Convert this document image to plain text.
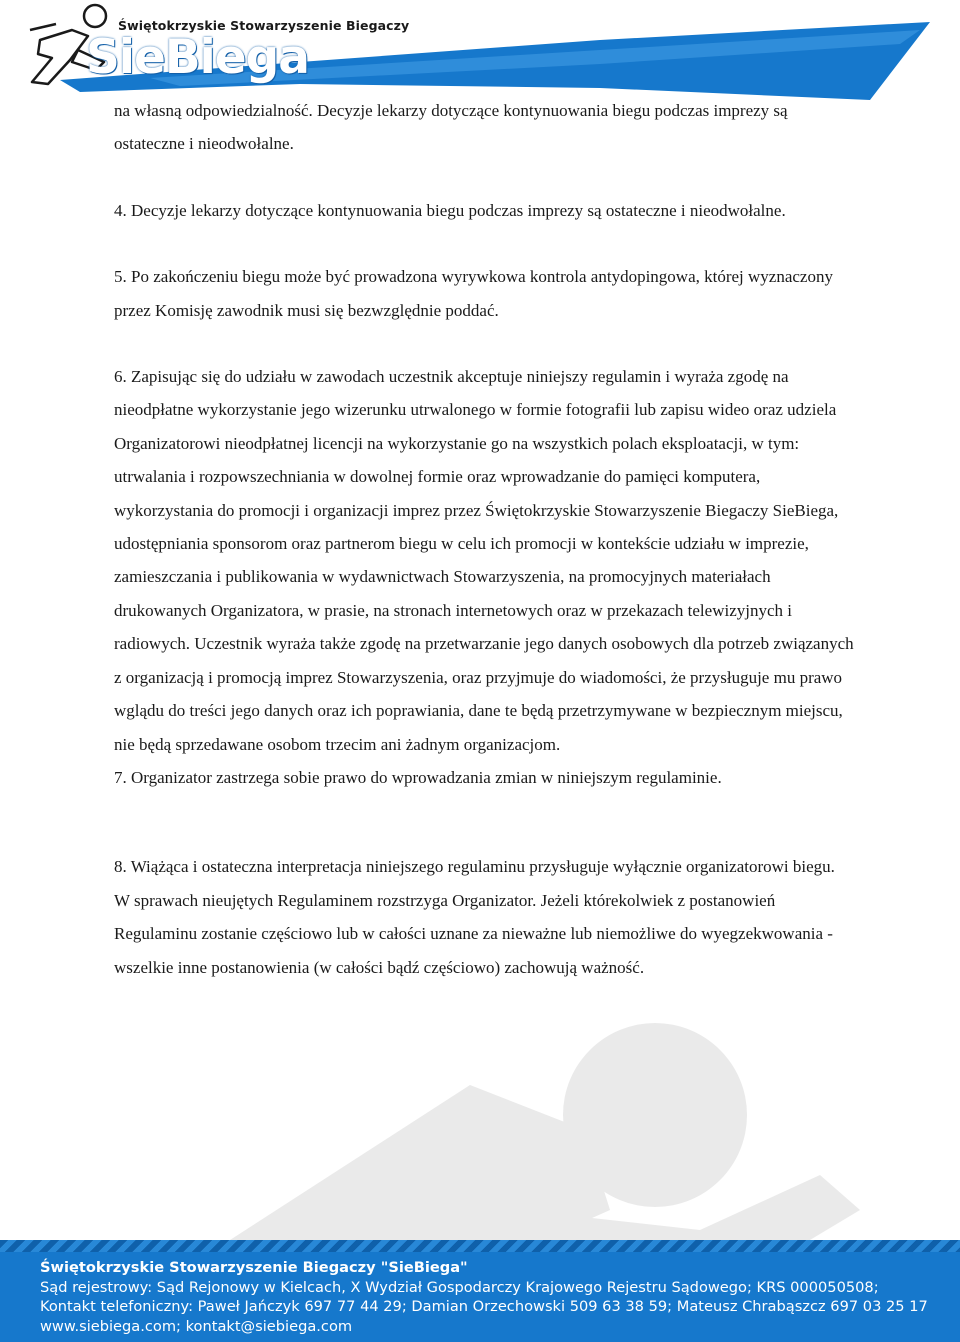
Świętokrzyskie Stowarzyszenie Biegaczy
SieBiega

na własną odpowiedzialność. Decyzje lekarzy dotyczące kontynuowania biegu podczas imprezy są ostateczne i nieodwołalne.

4. Decyzje lekarzy dotyczące kontynuowania biegu podczas imprezy są ostateczne i nieodwołalne.

5. Po zakończeniu biegu może być prowadzona wyrywkowa kontrola antydopingowa, której wyznaczony przez Komisję zawodnik musi się bezwzględnie poddać.

6. Zapisując się do udziału w zawodach uczestnik akceptuje niniejszy regulamin i wyraża zgodę na nieodpłatne wykorzystanie jego wizerunku utrwalonego w formie fotografii lub zapisu wideo oraz udziela Organizatorowi nieodpłatnej licencji na wykorzystanie go na wszystkich polach eksploatacji, w tym: utrwalania i rozpowszechniania w dowolnej formie oraz wprowadzanie do pamięci komputera, wykorzystania do promocji i organizacji imprez przez Świętokrzyskie Stowarzyszenie Biegaczy SieBiega, udostępniania sponsorom oraz partnerom biegu w celu ich promocji w kontekście udziału w imprezie, zamieszczania i publikowania w wydawnictwach Stowarzyszenia, na promocyjnych materiałach drukowanych Organizatora, w prasie, na stronach internetowych oraz w przekazach telewizyjnych i radiowych. Uczestnik wyraża także zgodę na przetwarzanie jego danych osobowych dla potrzeb związanych z organizacją i promocją imprez Stowarzyszenia, oraz przyjmuje do wiadomości, że przysługuje mu prawo wglądu do treści jego danych oraz ich poprawiania, dane te będą przetrzymywane w bezpiecznym miejscu, nie będą sprzedawane osobom trzecim ani żadnym organizacjom.

7. Organizator zastrzega sobie prawo do wprowadzania zmian w niniejszym regulaminie.

8. Wiążąca i ostateczna interpretacja niniejszego regulaminu przysługuje wyłącznie organizatorowi biegu. W sprawach nieujętych Regulaminem rozstrzyga Organizator. Jeżeli którekolwiek z postanowień Regulaminu zostanie częściowo lub w całości uznane za nieważne lub niemożliwe do wyegzekwowania - wszelkie inne postanowienia (w całości bądź częściowo) zachowują ważność.

Świętokrzyskie Stowarzyszenie Biegaczy "SieBiega"
Sąd rejestrowy: Sąd Rejonowy w Kielcach, X Wydział Gospodarczy Krajowego Rejestru Sądowego; KRS 000050508;
Kontakt telefoniczny: Paweł Jańczyk 697 77 44 29; Damian Orzechowski 509 63 38 59; Mateusz Chrabąszcz 697 03 25 17
www.siebiega.com; kontakt@siebiega.com
